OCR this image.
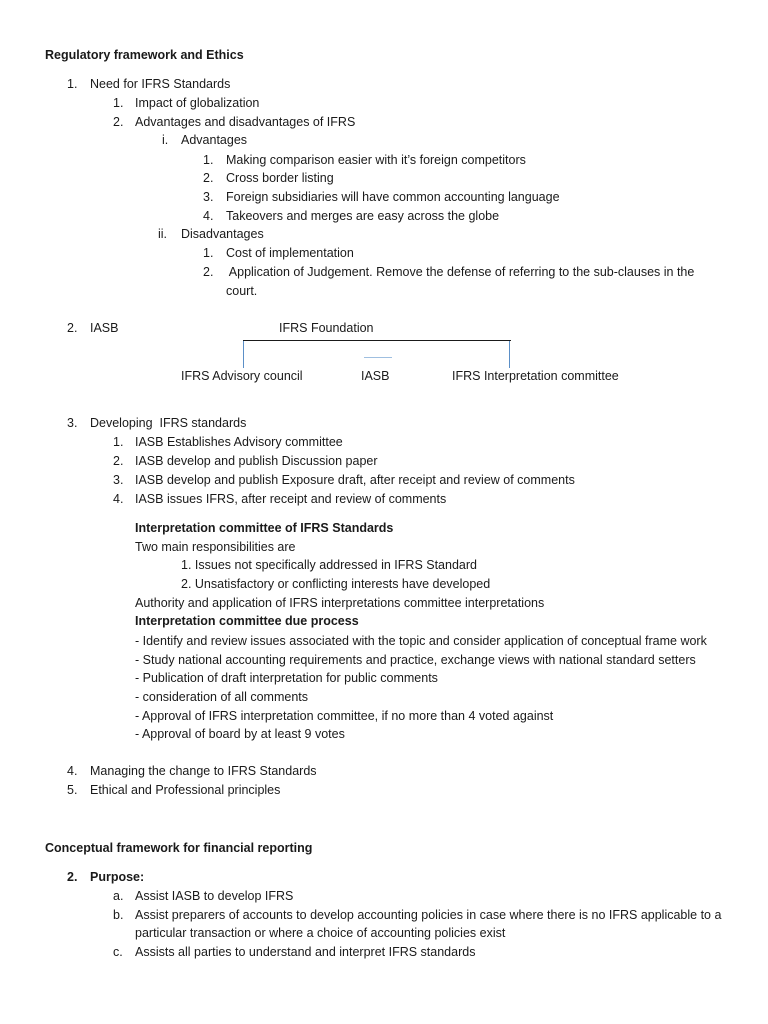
Regulatory framework and Ethics
1. Need for IFRS Standards
1. Impact of globalization
2. Advantages and disadvantages of IFRS
i. Advantages
1. Making comparison easier with it’s foreign competitors
2. Cross border listing
3. Foreign subsidiaries will have common accounting language
4. Takeovers and merges are easy across the globe
ii. Disadvantages
1. Cost of implementation
2. Application of Judgement. Remove the defense of referring to the sub-clauses in the
court.
2. IASB	IFRS Foundation
IFRS Advisory council	IASB	IFRS Interpretation committee
3. Developing  IFRS standards
1. IASB Establishes Advisory committee
2. IASB develop and publish Discussion paper
3. IASB develop and publish Exposure draft, after receipt and review of comments
4. IASB issues IFRS, after receipt and review of comments
Interpretation committee of IFRS Standards
Two main responsibilities are
1. Issues not specifically addressed in IFRS Standard
2. Unsatisfactory or conflicting interests have developed
Authority and application of IFRS interpretations committee interpretations
Interpretation committee due process
- Identify and review issues associated with the topic and consider application of conceptual frame work
- Study national accounting requirements and practice, exchange views with national standard setters
- Publication of draft interpretation for public comments
- consideration of all comments
- Approval of IFRS interpretation committee, if no more than 4 voted against
- Approval of board by at least 9 votes
4. Managing the change to IFRS Standards
5. Ethical and Professional principles
Conceptual framework for financial reporting
2. Purpose:
a. Assist IASB to develop IFRS
b. Assist preparers of accounts to develop accounting policies in case where there is no IFRS applicable to a
particular transaction or where a choice of accounting policies exist
c. Assists all parties to understand and interpret IFRS standards
